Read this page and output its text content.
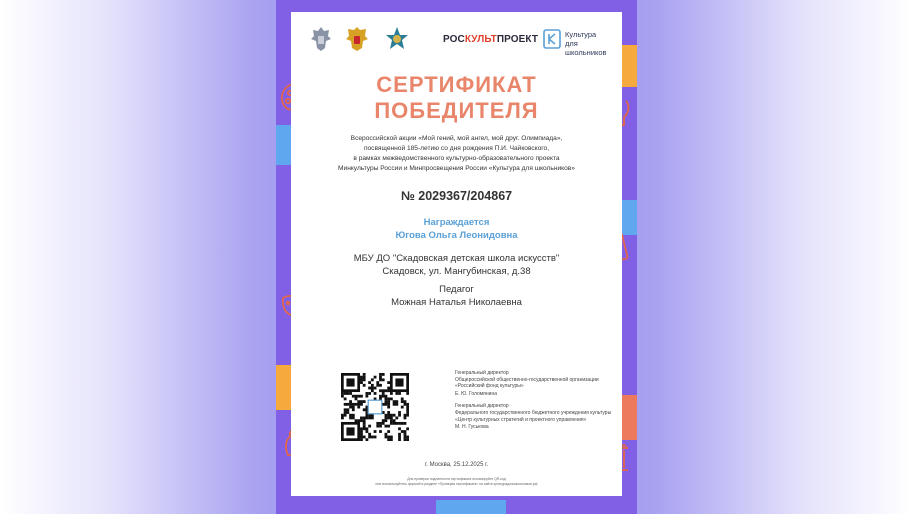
РОСКУЛЬТПРОЕКТ	Культура
для школьников
СЕРТИФИКАТ
ПОБЕДИТЕЛЯ
Всероссийской акции «Мой гений, мой ангел, мой друг. Олимпиада»,
посвященной 185-летию со дня рождения П.И. Чайковского,
в рамках межведомственного культурно-образовательного проекта
Минкультуры России и Минпросвещения России «Культура для школьников»
№ 2029367/204867
Награждается
Югова Ольга Леонидовна
МБУ ДО "Скадовская детская школа искусств"
Скадовск, ул. Мангубинская, д.38
Педагог
Можная Наталья Николаевна
Генеральный директор
Общероссийской общественно-государственной организации «Российский фонд культуры»
Е. Ю. Голомянина
Генеральный директор
Федерального государственного бюджетного учреждения культуры «Центр культурных стратегий и проектного управления»
М. Н. Гуськова
г. Москва, 25.12.2025 г.
Для проверки подлинности сертификата отсканируйте QR-код
или воспользуйтесь формой в разделе «Проверка сертификата» на сайте культурадляшкольников.рф
